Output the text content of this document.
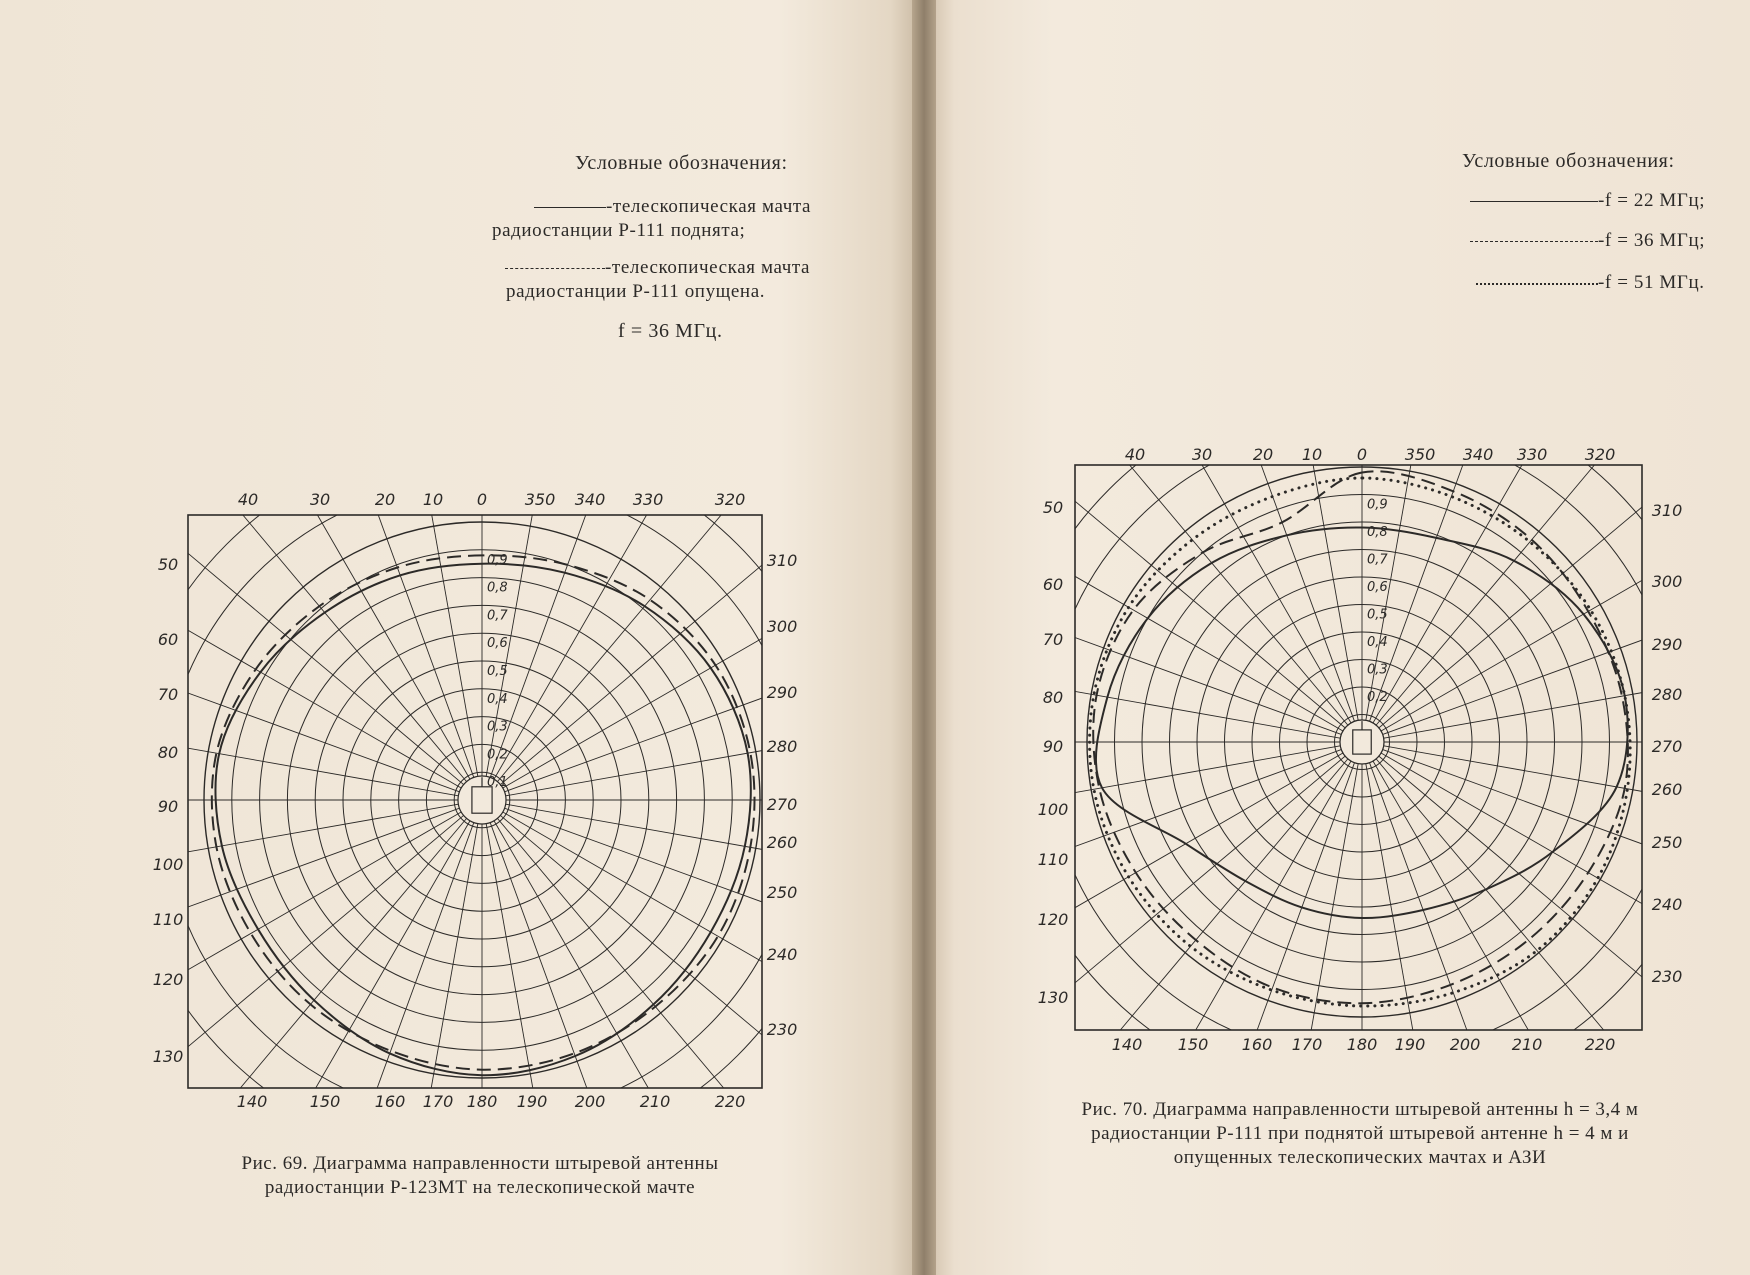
Условные обозначения:
-телескопическая мачта
радиостанции Р-111 поднята;
-телескопическая мачта
радиостанции Р-111 опущена.
f = 36 МГц.
Условные обозначения:
-f = 22 МГц;
-f = 36 МГц;
-f = 51 МГц.
0,1
0,2
0,3
0,4
0,5
0,6
0,7
0,8
0,9
40	30	20 10 0 350 340 330	320
50
60
70
80
90
100
110
120
130
310
300
290
280
270
260
250
240
230
140	150 160 170 180 190 200 210	220
0,2
0,3
0,4
0,5
0,6
0,7
0,8
0,9
40	30	20 10 0 350 340 330 320
50
60
70
80
90
100
110
120
130
310
300
290
280
270
260
250
240
230
140 150 160 170 180 190 200 210	220
Рис. 69. Диаграмма направленности штыревой антенны
радиостанции Р-123МТ на телескопической мачте
Рис. 70. Диаграмма направленности штыревой антенны h = 3,4 м
радиостанции Р-111 при поднятой штыревой антенне h = 4 м и
опущенных телескопических мачтах и АЗИ
